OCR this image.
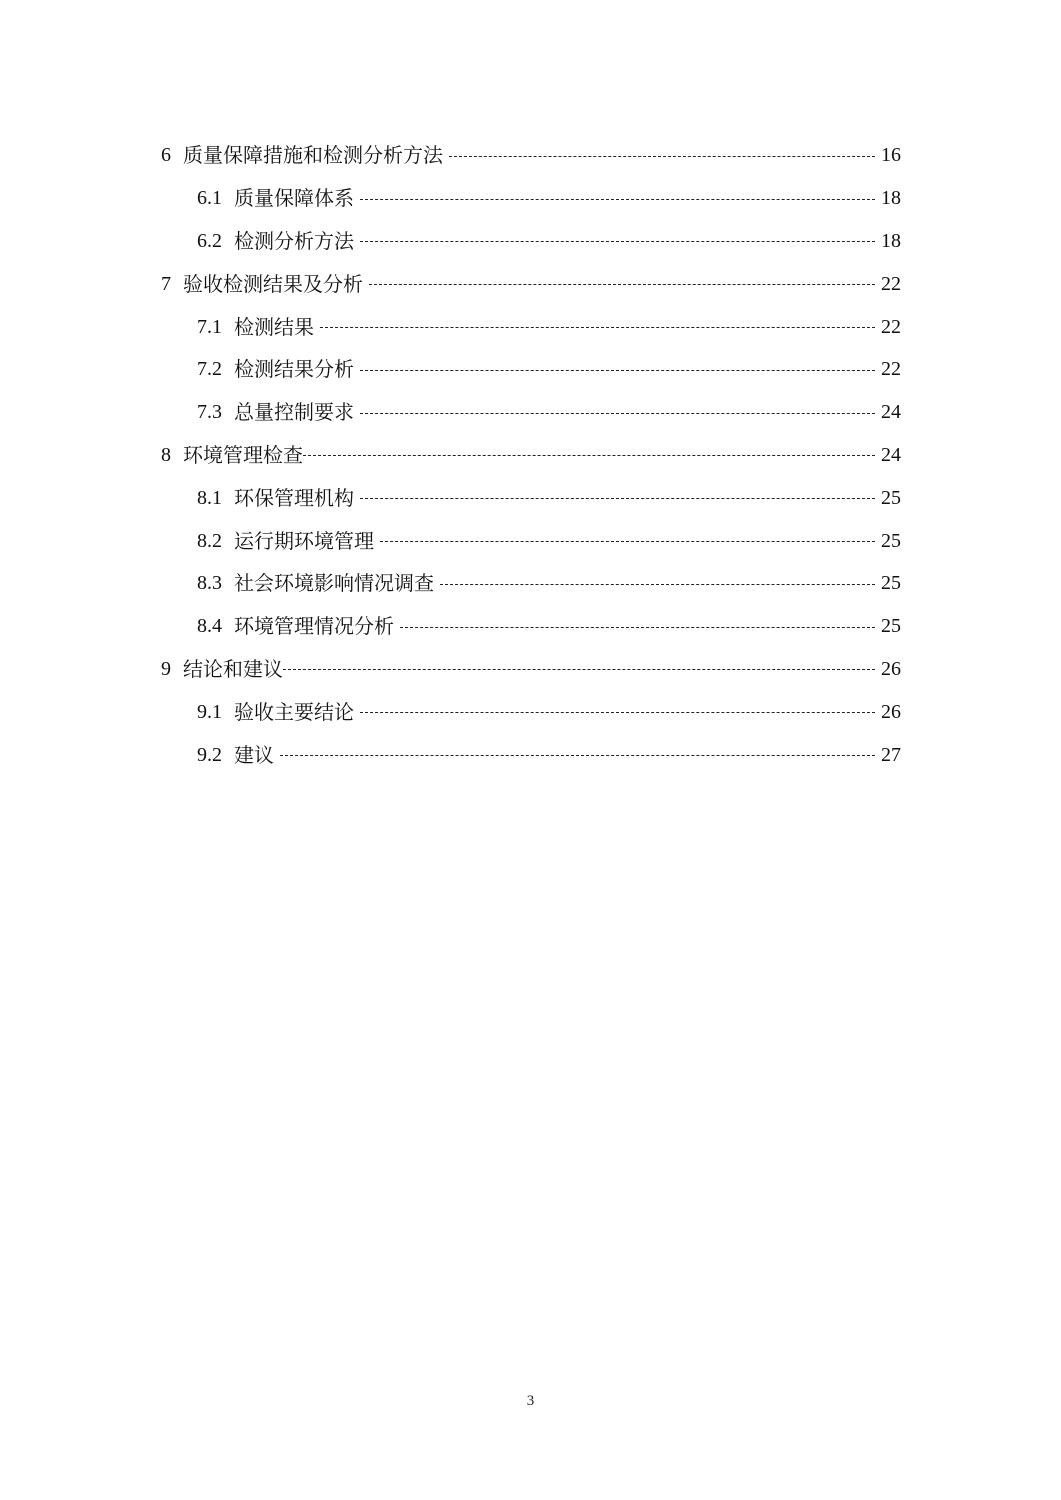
6 质量保障措施和检测分析方法	16
6.1 质量保障体系	18
6.2 检测分析方法	18
7 验收检测结果及分析	22
7.1 检测结果	22
7.2 检测结果分析	22
7.3 总量控制要求	24
8 环境管理检查	24
8.1 环保管理机构	25
8.2 运行期环境管理	25
8.3 社会环境影响情况调查	25
8.4 环境管理情况分析	25
9 结论和建议	26
9.1 验收主要结论	26
9.2 建议	27
3
